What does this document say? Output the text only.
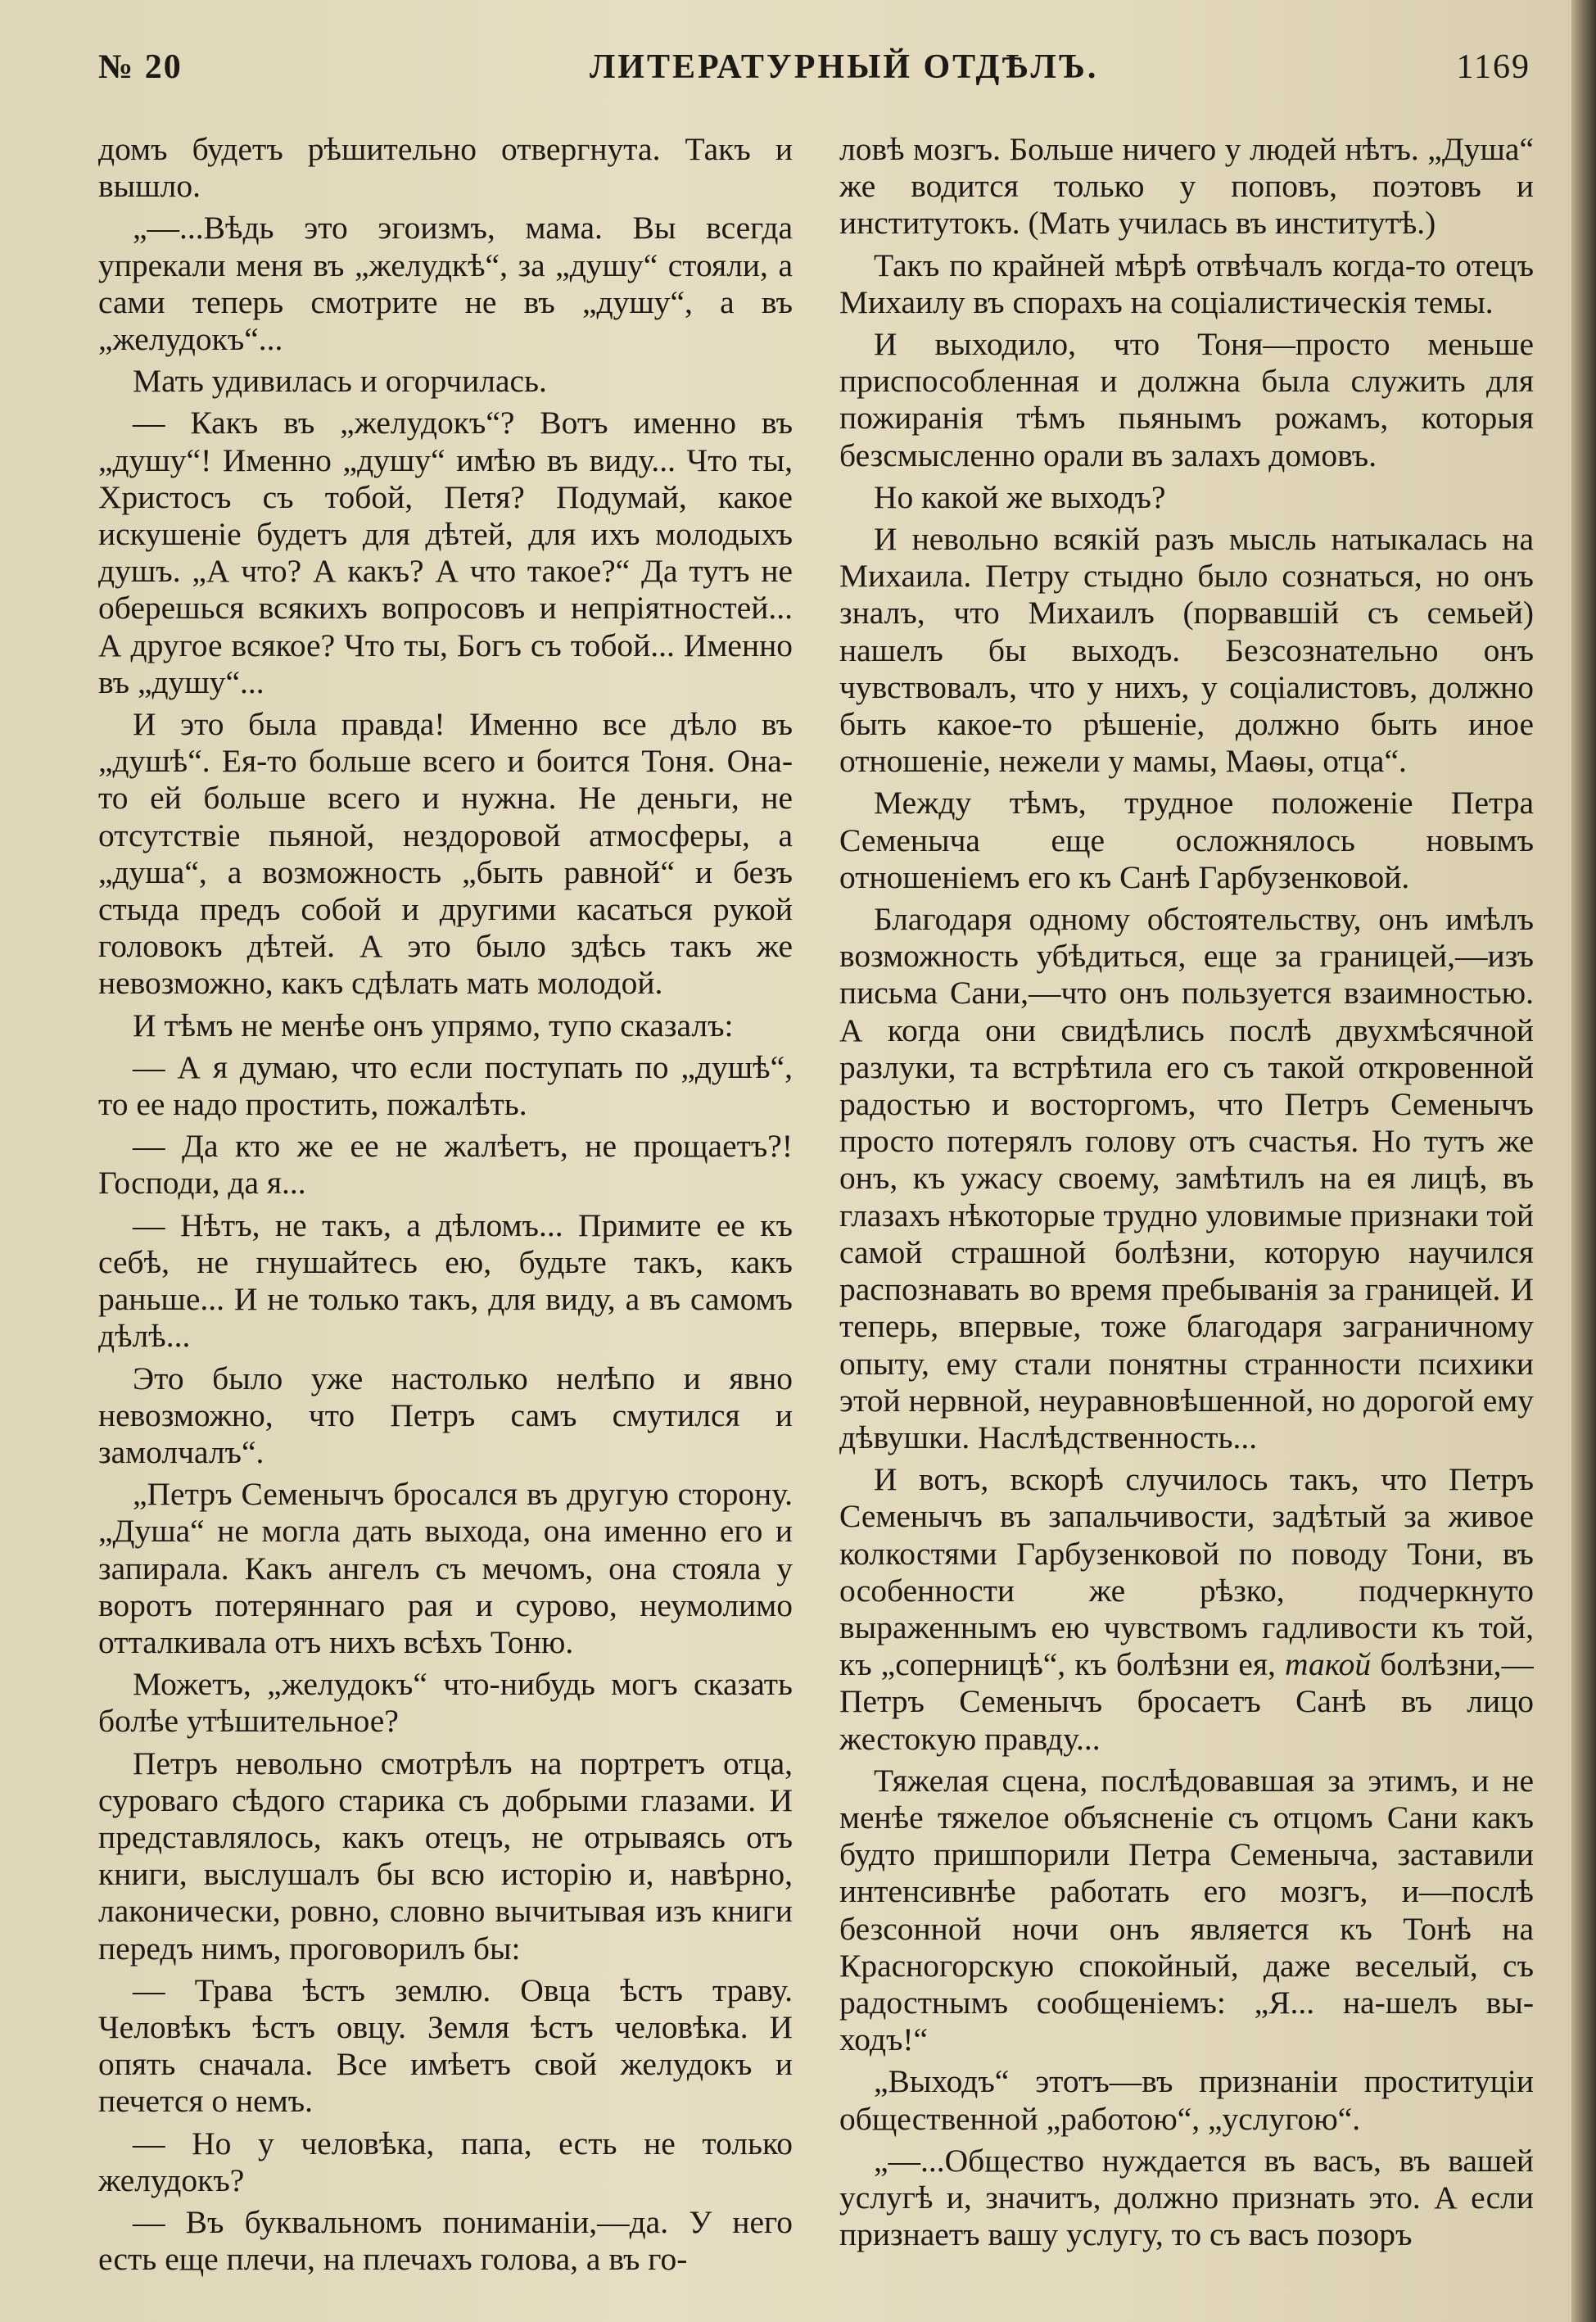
№ 20	ЛИТЕРАТУРНЫЙ ОТДѢЛЪ.	1169

домъ будетъ рѣшительно отвергнута. Такъ и вышло.

„—...Вѣдь это эгоизмъ, мама. Вы всегда упрекали меня въ „желудкѣ“, за „душу“ стояли, а сами теперь смотрите не въ „душу“, а въ „желудокъ“...

Мать удивилась и огорчилась.

— Какъ въ „желудокъ“? Вотъ именно въ „душу“! Именно „душу“ имѣю въ виду... Что ты, Христосъ съ тобой, Петя? Подумай, какое искушеніе будетъ для дѣтей, для ихъ молодыхъ душъ. „А что? А какъ? А что такое?“ Да тутъ не оберешься всякихъ вопросовъ и непріятностей... А другое всякое? Что ты, Богъ съ тобой... Именно въ „душу“...

И это была правда! Именно все дѣло въ „душѣ“. Ея-то больше всего и боится Тоня. Она-то ей больше всего и нужна. Не деньги, не отсутствіе пьяной, нездоровой атмосферы, а „душа“, а возможность „быть равной“ и безъ стыда предъ собой и другими касаться рукой головокъ дѣтей. А это было здѣсь такъ же невозможно, какъ сдѣлать мать молодой.

И тѣмъ не менѣе онъ упрямо, тупо сказалъ:

— А я думаю, что если поступать по „душѣ“, то ее надо простить, пожалѣть.

— Да кто же ее не жалѣетъ, не прощаетъ?! Господи, да я...

— Нѣтъ, не такъ, а дѣломъ... Примите ее къ себѣ, не гнушайтесь ею, будьте такъ, какъ раньше... И не только такъ, для виду, а въ самомъ дѣлѣ...

Это было уже настолько нелѣпо и явно невозможно, что Петръ самъ смутился и замолчалъ“.

„Петръ Семенычъ бросался въ другую сторону. „Душа“ не могла дать выхода, она именно его и запирала. Какъ ангелъ съ мечомъ, она стояла у воротъ потеряннаго рая и сурово, неумолимо отталкивала отъ нихъ всѣхъ Тоню.

Можетъ, „желудокъ“ что-нибудь могъ сказать болѣе утѣшительное?

Петръ невольно смотрѣлъ на портретъ отца, суроваго сѣдого старика съ добрыми глазами. И представлялось, какъ отецъ, не отрываясь отъ книги, выслушалъ бы всю исторію и, навѣрно, лаконически, ровно, словно вычитывая изъ книги передъ нимъ, проговорилъ бы:

— Трава ѣстъ землю. Овца ѣстъ траву. Человѣкъ ѣстъ овцу. Земля ѣстъ человѣка. И опять сначала. Все имѣетъ свой желудокъ и печется о немъ.

— Но у человѣка, папа, есть не только желудокъ?

— Въ буквальномъ пониманіи,—да. У него есть еще плечи, на плечахъ голова, а въ го-

ловѣ мозгъ. Больше ничего у людей нѣтъ. „Душа“ же водится только у поповъ, поэтовъ и институтокъ. (Мать училась въ институтѣ.)

Такъ по крайней мѣрѣ отвѣчалъ когда-то отецъ Михаилу въ спорахъ на соціалистическія темы.

И выходило, что Тоня—просто меньше приспособленная и должна была служить для пожиранія тѣмъ пьянымъ рожамъ, которыя безсмысленно орали въ залахъ домовъ.

Но какой же выходъ?

И невольно всякій разъ мысль натыкалась на Михаила. Петру стыдно было сознаться, но онъ зналъ, что Михаилъ (порвавшій съ семьей) нашелъ бы выходъ. Безсознательно онъ чувствовалъ, что у нихъ, у соціалистовъ, должно быть какое-то рѣшеніе, должно быть иное отношеніе, нежели у мамы, Маѳы, отца“.

Между тѣмъ, трудное положеніе Петра Семеныча еще осложнялось новымъ отношеніемъ его къ Санѣ Гарбузенковой.

Благодаря одному обстоятельству, онъ имѣлъ возможность убѣдиться, еще за границей,—изъ письма Сани,—что онъ пользуется взаимностью. А когда они свидѣлись послѣ двухмѣсячной разлуки, та встрѣтила его съ такой откровенной радостью и восторгомъ, что Петръ Семенычъ просто потерялъ голову отъ счастья. Но тутъ же онъ, къ ужасу своему, замѣтилъ на ея лицѣ, въ глазахъ нѣкоторые трудно уловимые признаки той самой страшной болѣзни, которую научился распознавать во время пребыванія за границей. И теперь, впервые, тоже благодаря заграничному опыту, ему стали понятны странности психики этой нервной, неуравновѣшенной, но дорогой ему дѣвушки. Наслѣдственность...

И вотъ, вскорѣ случилось такъ, что Петръ Семенычъ въ запальчивости, задѣтый за живое колкостями Гарбузенковой по поводу Тони, въ особенности же рѣзко, подчеркнуто выраженнымъ ею чувствомъ гадливости къ той, къ „соперницѣ“, къ болѣзни ея, такой болѣзни,—Петръ Семенычъ бросаетъ Санѣ въ лицо жестокую правду...

Тяжелая сцена, послѣдовавшая за этимъ, и не менѣе тяжелое объясненіе съ отцомъ Сани какъ будто пришпорили Петра Семеныча, заставили интенсивнѣе работать его мозгъ, и—послѣ безсонной ночи онъ является къ Тонѣ на Красногорскую спокойный, даже веселый, съ радостнымъ сообщеніемъ: „Я... на-шелъ вы-ходъ!“

„Выходъ“ этотъ—въ признаніи проституціи общественной „работою“, „услугою“.

„—...Общество нуждается въ васъ, въ вашей услугѣ и, значитъ, должно признать это. А если признаетъ вашу услугу, то съ васъ позоръ
